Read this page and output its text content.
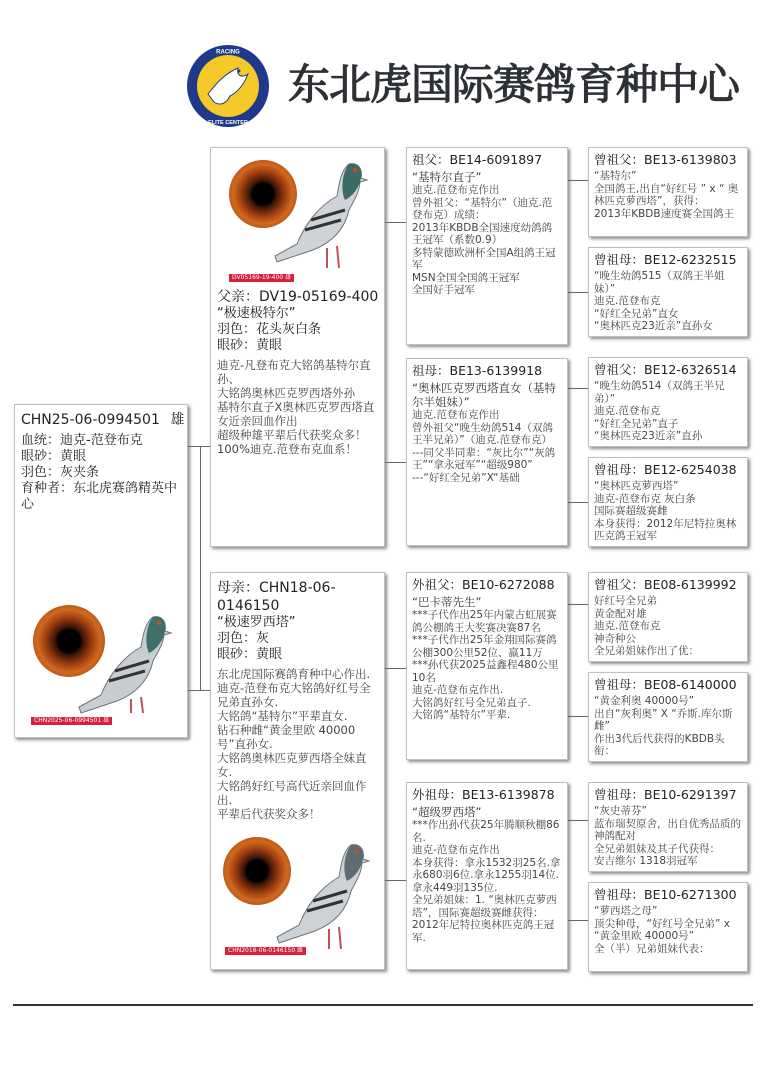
RACING
ELITE CENTER
东北虎国际赛鸽育种中心
CHN25-06-0994501 雄
血统：迪克-范登布克
眼砂：黄眼
羽色：灰夹条
育种者：东北虎赛鸽精英中心
CHN2025-06-0994501 雄
DV05169-19-400 雄
父亲：DV19-05169-400
“极速极特尔”
羽色：花头灰白条
眼砂：黄眼
迪克-凡登布克大铭鸽基特尔直孙、
大铭鸽奥林匹克罗西塔外孙
基特尔直子X奥林匹克罗西塔直女近亲回血作出
超级种雄平辈后代获奖众多！
100%迪克.范登布克血系！
母亲：CHN18-06-0146150
“极速罗西塔”
羽色：灰
眼砂：黄眼
东北虎国际赛鸽育种中心作出.
迪克-范登布克大铭鸽好红号全兄弟直孙女.
大铭鸽“基特尔”平辈直女.
钻石种雌“黄金里欧 40000号”直孙女.
大铭鸽奥林匹克萝西塔全妹直女.
大铭鸽好红号高代近亲回血作出.
平辈后代获奖众多！
CHN2018-06-0146150 雌
祖父：BE14-6091897
“基特尔直子”
迪克.范登布克作出
曾外祖父：“基特尔”（迪克.范登布克）成绩：
2013年KBDB全国速度幼鸽鸽王冠军（系数0.9）
多特蒙德欧洲杯全国A组鸽王冠军
MSN全国全国鸽王冠军
全国好手冠军
祖母：BE13-6139918
“奥林匹克罗西塔直女（基特尔半姐妹）”
迪克.范登布克作出
曾外祖父“晚生幼鸽514（双鸽王半兄弟）”（迪克.范登布克）
---同父半同辈：“灰比尔”“灰鸽王”“拿永冠军”“超级980”
---“好红全兄弟”X“基础
外祖父：BE10-6272088
“巴卡蒂先生”
***子代作出25年内蒙古虹展赛鸽公棚鸽王大奖赛决赛87名
***子代作出25年金翔国际赛鸽公棚300公里52位、羸11万
***孙代获2025益鑫程480公里10名
迪克-范登布克作出.
大铭鸽好红号全兄弟直子.
大铭鸽“基特尔”平辈.
外祖母：BE13-6139878
“超级罗西塔”
***作出孙代获25年腾顺秋棚86名.
迪克-范登布克作出
本身获得：拿永1532羽25名.拿永680羽6位.拿永1255羽14位.拿永449羽135位.
全兄弟姐妹：1. “奥林匹克萝西塔”，国际赛超级赛雌获得：2012年尼特拉奥林匹克鸽王冠军.
曾祖父：BE13-6139803
“基特尔”
全国鸽王,出自“好红号 ” x “ 奥林匹克萝西塔”，获得：
2013年KBDB速度赛全国鸽王
曾祖母：BE12-6232515
“晚生幼鸽515（双鸽王半姐妹）”
迪克.范登布克
“好红全兄弟”直女
“奥林匹克23近亲”直孙女
曾祖父：BE12-6326514
“晚生幼鸽514（双鸽王半兄弟）”
迪克.范登布克
“好红全兄弟”直子
“奥林匹克23近亲”直孙
曾祖母：BE12-6254038
“奥林匹克萝西塔”
迪克-范登布克 灰白条
国际赛超级赛雌
本身获得：2012年尼特拉奥林匹克鸽王冠军
曾祖父：BE08-6139992
好红号全兄弟
黄金配对雄
迪克.范登布克
神奇种公
全兄弟姐妹作出了优：
曾祖母：BE08-6140000
“黄金利奥 40000号”
出自“灰利奥” X “乔斯.库尔斯雌”
作出3代后代获得的KBDB头衔：
曾祖母：BE10-6291397
“灰史蒂芬”
蓝布瑞契原舍，出自优秀品质的神鸽配对
全兄弟姐妹及其子代获得：
安吉维尔 1318羽冠军
曾祖母：BE10-6271300
“萝西塔之母”
顶尖种母，“好红号全兄弟” x “黄金里欧 40000号”
全（半）兄弟姐妹代表：
